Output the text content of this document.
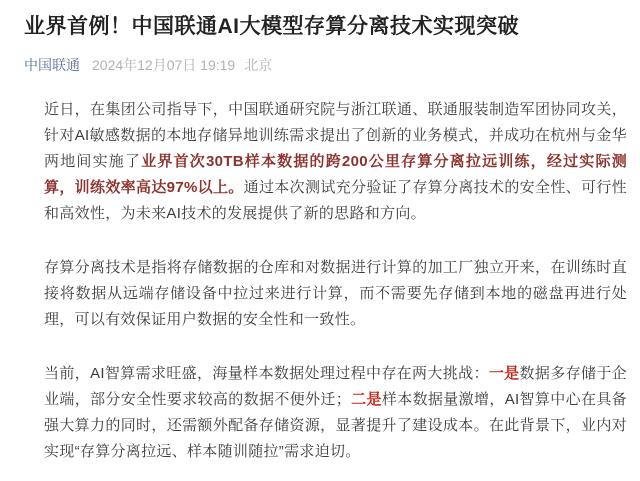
业界首例！中国联通AI大模型存算分离技术实现突破
中国联通 2024年12月07日 19:19 北京

近日，在集团公司指导下，中国联通研究院与浙江联通、联通服装制造军团协同攻关，针对AI敏感数据的本地存储异地训练需求提出了创新的业务模式，并成功在杭州与金华两地间实施了业界首次30TB样本数据的跨200公里存算分离拉远训练，经过实际测算，训练效率高达97%以上。通过本次测试充分验证了存算分离技术的安全性、可行性和高效性，为未来AI技术的发展提供了新的思路和方向。

存算分离技术是指将存储数据的仓库和对数据进行计算的加工厂独立开来，在训练时直接将数据从远端存储设备中拉过来进行计算，而不需要先存储到本地的磁盘再进行处理，可以有效保证用户数据的安全性和一致性。

当前，AI智算需求旺盛，海量样本数据处理过程中存在两大挑战：一是数据多存储于企业端，部分安全性要求较高的数据不便外迁；二是样本数据量激增，AI智算中心在具备强大算力的同时，还需额外配备存储资源，显著提升了建设成本。在此背景下，业内对实现“存算分离拉远、样本随训随拉”需求迫切。
